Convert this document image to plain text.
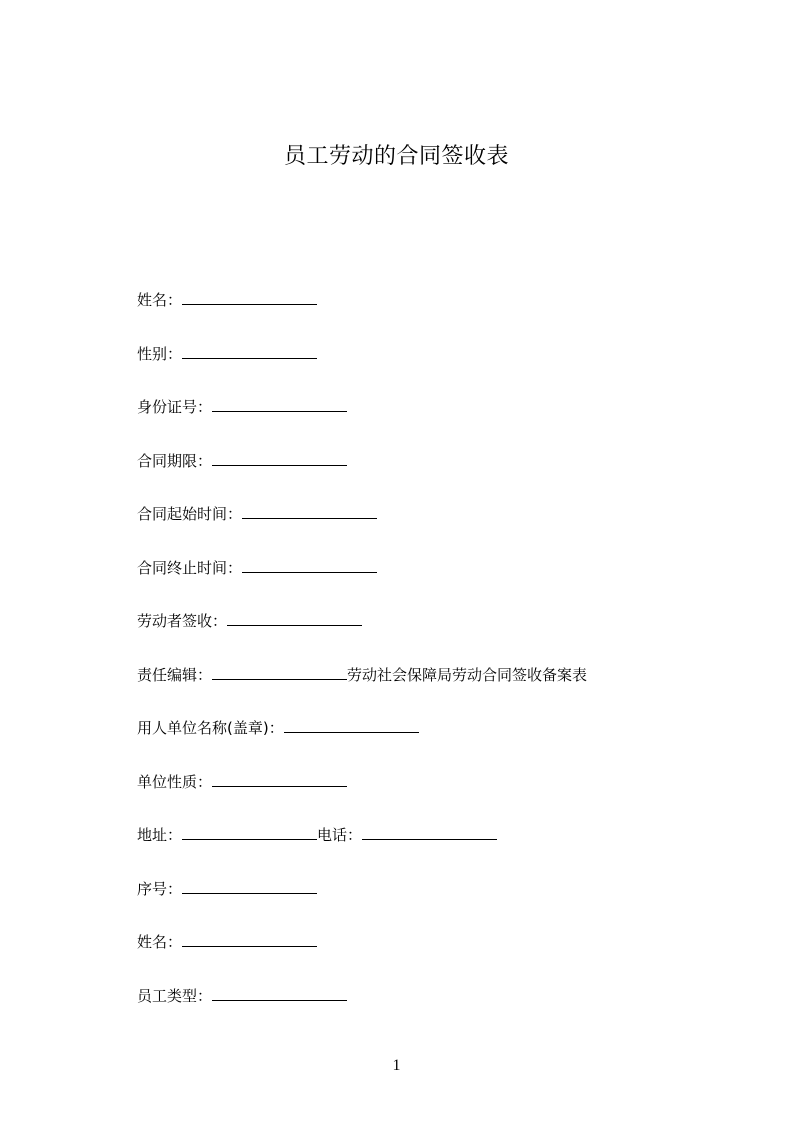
员工劳动的合同签收表
姓名：
性别：
身份证号：
合同期限：
合同起始时间：
合同终止时间：
劳动者签收：
责任编辑：	劳动社会保障局劳动合同签收备案表
用人单位名称(盖章)：
单位性质：
地址：	电话：
序号：
姓名：
员工类型：
1
